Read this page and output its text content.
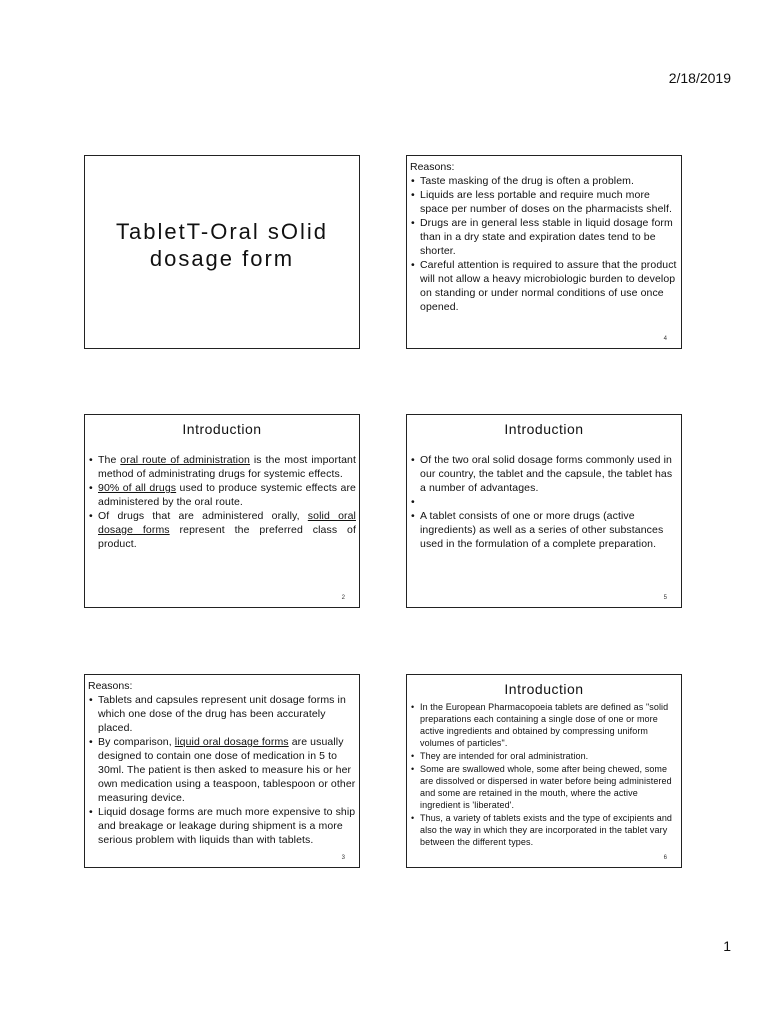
2/18/2019
TabletT-Oral sOlid
dosage form
Reasons:
• Taste masking of the drug is often a problem.
• Liquids are less portable and require much more space per number of doses on the pharmacists shelf.
• Drugs are in general less stable in liquid dosage form than in a dry state and expiration dates tend to be shorter.
• Careful attention is required to assure that the product will not allow a heavy microbiologic burden to develop on standing or under normal conditions of use once opened.
4
Introduction
• The oral route of administration is the most important method of administrating drugs for systemic effects.
• 90% of all drugs used to produce systemic effects are administered by the oral route.
• Of drugs that are administered orally, solid oral dosage forms represent the preferred class of product.
2
Introduction
• Of the two oral solid dosage forms commonly used in our country, the tablet and the capsule, the tablet has a number of advantages.
•
• A tablet consists of one or more drugs (active ingredients) as well as a series of other substances used in the formulation of a complete preparation.
5
Reasons:
• Tablets and capsules represent unit dosage forms in which one dose of the drug has been accurately placed.
• By comparison, liquid oral dosage forms are usually designed to contain one dose of medication in 5 to 30ml. The patient is then asked to measure his or her own medication using a teaspoon, tablespoon or other measuring device.
• Liquid dosage forms are much more expensive to ship and breakage or leakage during shipment is a more serious problem with liquids than with tablets.
3
Introduction
• In the European Pharmacopoeia tablets are defined as "solid preparations each containing a single dose of one or more active ingredients and obtained by compressing uniform volumes of particles".
• They are intended for oral administration.
• Some are swallowed whole, some after being chewed, some are dissolved or dispersed in water before being administered and some are retained in the mouth, where the active ingredient is 'liberated'.
• Thus, a variety of tablets exists and the type of excipients and also the way in which they are incorporated in the tablet vary between the different types.
6
1
